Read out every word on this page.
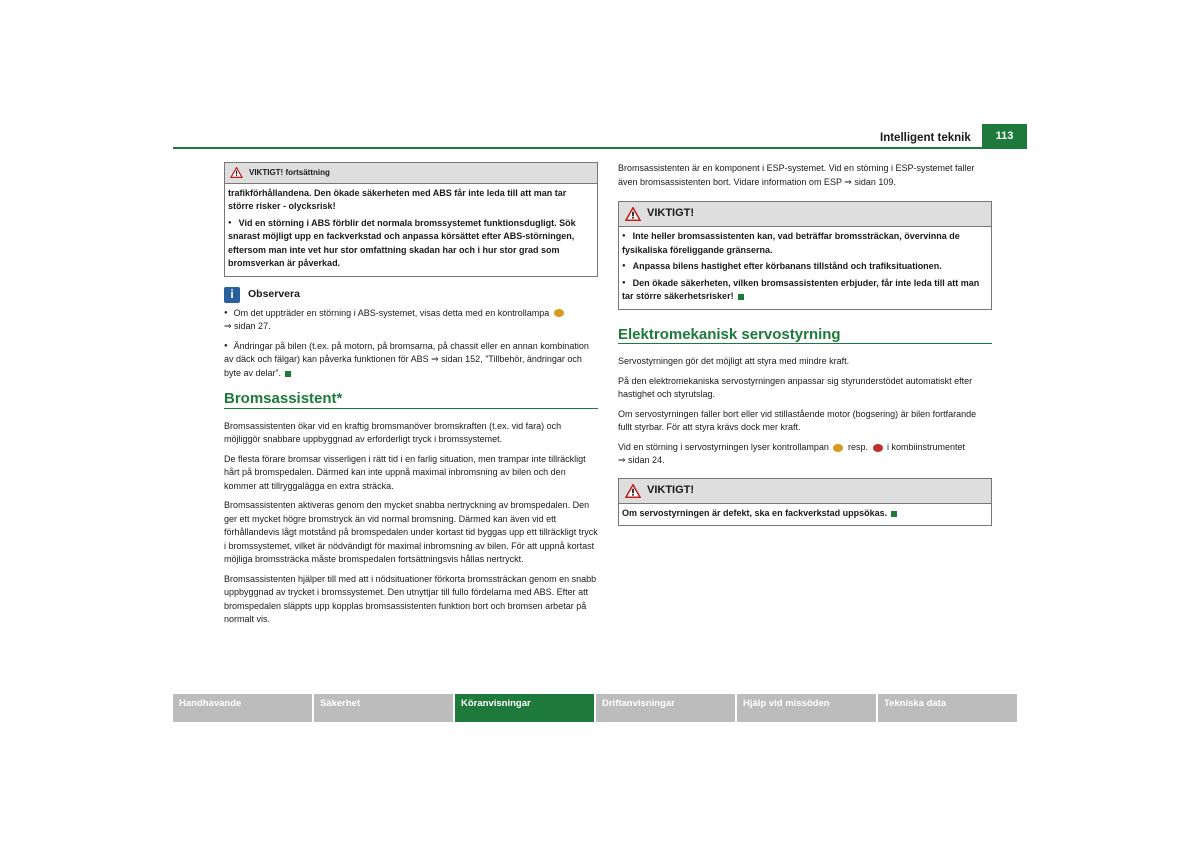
Intelligent teknik	113
VIKTIGT! fortsättning

trafikförhållandena. Den ökade säkerheten med ABS får inte leda till att man tar större risker - olycksrisk!

● Vid en störning i ABS förblir det normala bromssystemet funktionsdugligt. Sök snarast möjligt upp en fackverkstad och anpassa körsättet efter ABS-störningen, eftersom man inte vet hur stor omfattning skadan har och i hur stor grad som bromsverkan är påverkad.

i	Observera

● Om det uppträder en störning i ABS-systemet, visas detta med en kontrollampa
⇒ sidan 27.

● Ändringar på bilen (t.ex. på motorn, på bromsarna, på chassit eller en annan kombination av däck och fälgar) kan påverka funktionen för ABS ⇒ sidan 152, ”Tillbehör, ändringar och byte av delar”.

Bromsassistent*

Bromsassistenten ökar vid en kraftig bromsmanöver bromskraften (t.ex. vid fara) och möjliggör snabbare uppbyggnad av erforderligt tryck i bromssystemet.

De flesta förare bromsar visserligen i rätt tid i en farlig situation, men trampar inte tillräckligt hårt på bromspedalen. Därmed kan inte uppnå maximal inbromsning av bilen och den kommer att tillryggalägga en extra sträcka.

Bromsassistenten aktiveras genom den mycket snabba nertryckning av bromspedalen. Den ger ett mycket högre bromstryck än vid normal bromsning. Därmed kan även vid ett förhållandevis lågt motstånd på bromspedalen under kortast tid byggas upp ett tillräckligt tryck i bromssystemet, vilket är nödvändigt för maximal inbromsning av bilen. För att uppnå kortast möjliga bromssträcka måste bromspedalen fortsättningsvis hållas nertryckt.

Bromsassistenten hjälper till med att i nödsituationer förkorta bromssträckan genom en snabb uppbyggnad av trycket i bromssystemet. Den utnyttjar till fullo fördelarna med ABS. Efter att bromspedalen släppts upp kopplas bromsassistenten funktion bort och bromsen arbetar på normalt vis.

Bromsassistenten är en komponent i ESP-systemet. Vid en störning i ESP-systemet faller även bromsassistenten bort. Vidare information om ESP ⇒ sidan 109.

VIKTIGT!

● Inte heller bromsassistenten kan, vad beträffar bromssträckan, övervinna de fysikaliska föreliggande gränserna.

● Anpassa bilens hastighet efter körbanans tillstånd och trafiksituationen.

● Den ökade säkerheten, vilken bromsassistenten erbjuder, får inte leda till att man tar större säkerhetsrisker!

Elektromekanisk servostyrning

Servostyrningen gör det möjligt att styra med mindre kraft.

På den elektromekaniska servostyrningen anpassar sig styrunderstödet automatiskt efter hastighet och styrutslag.

Om servostyrningen faller bort eller vid stillastående motor (bogsering) är bilen fortfarande fullt styrbar. För att styra krävs dock mer kraft.

Vid en störning i servostyrningen lyser kontrollampan resp. i kombiinstrumentet
⇒ sidan 24.

VIKTIGT!

Om servostyrningen är defekt, ska en fackverkstad uppsökas.

Handhavande	Säkerhet	Köranvisningar	Driftanvisningar	Hjälp vid missöden	Tekniska data
